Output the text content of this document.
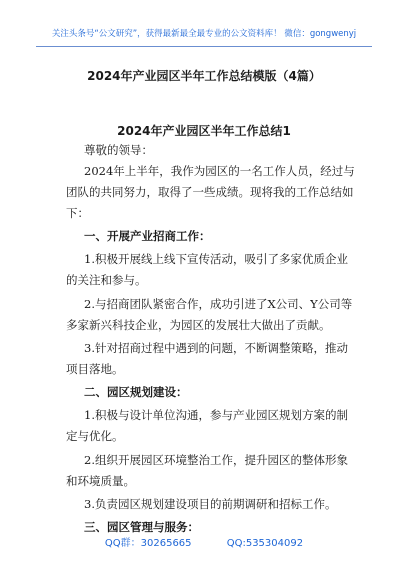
关注头条号“公文研究”，获得最新最全最专业的公文资料库！ 微信：gongwenyj
2024年产业园区半年工作总结模版（4篇）
2024年产业园区半年工作总结1
尊敬的领导：
2024年上半年，我作为园区的一名工作人员，经过与
团队的共同努力，取得了一些成绩。现将我的工作总结如
下：
一、开展产业招商工作：
1.积极开展线上线下宣传活动，吸引了多家优质企业
的关注和参与。
2.与招商团队紧密合作，成功引进了X公司、Y公司等
多家新兴科技企业，为园区的发展壮大做出了贡献。
3.针对招商过程中遇到的问题，不断调整策略，推动
项目落地。
二、园区规划建设：
1.积极与设计单位沟通，参与产业园区规划方案的制
定与优化。
2.组织开展园区环境整治工作，提升园区的整体形象
和环境质量。
3.负责园区规划建设项目的前期调研和招标工作。
三、园区管理与服务：
QQ群：30265665	QQ:535304092
